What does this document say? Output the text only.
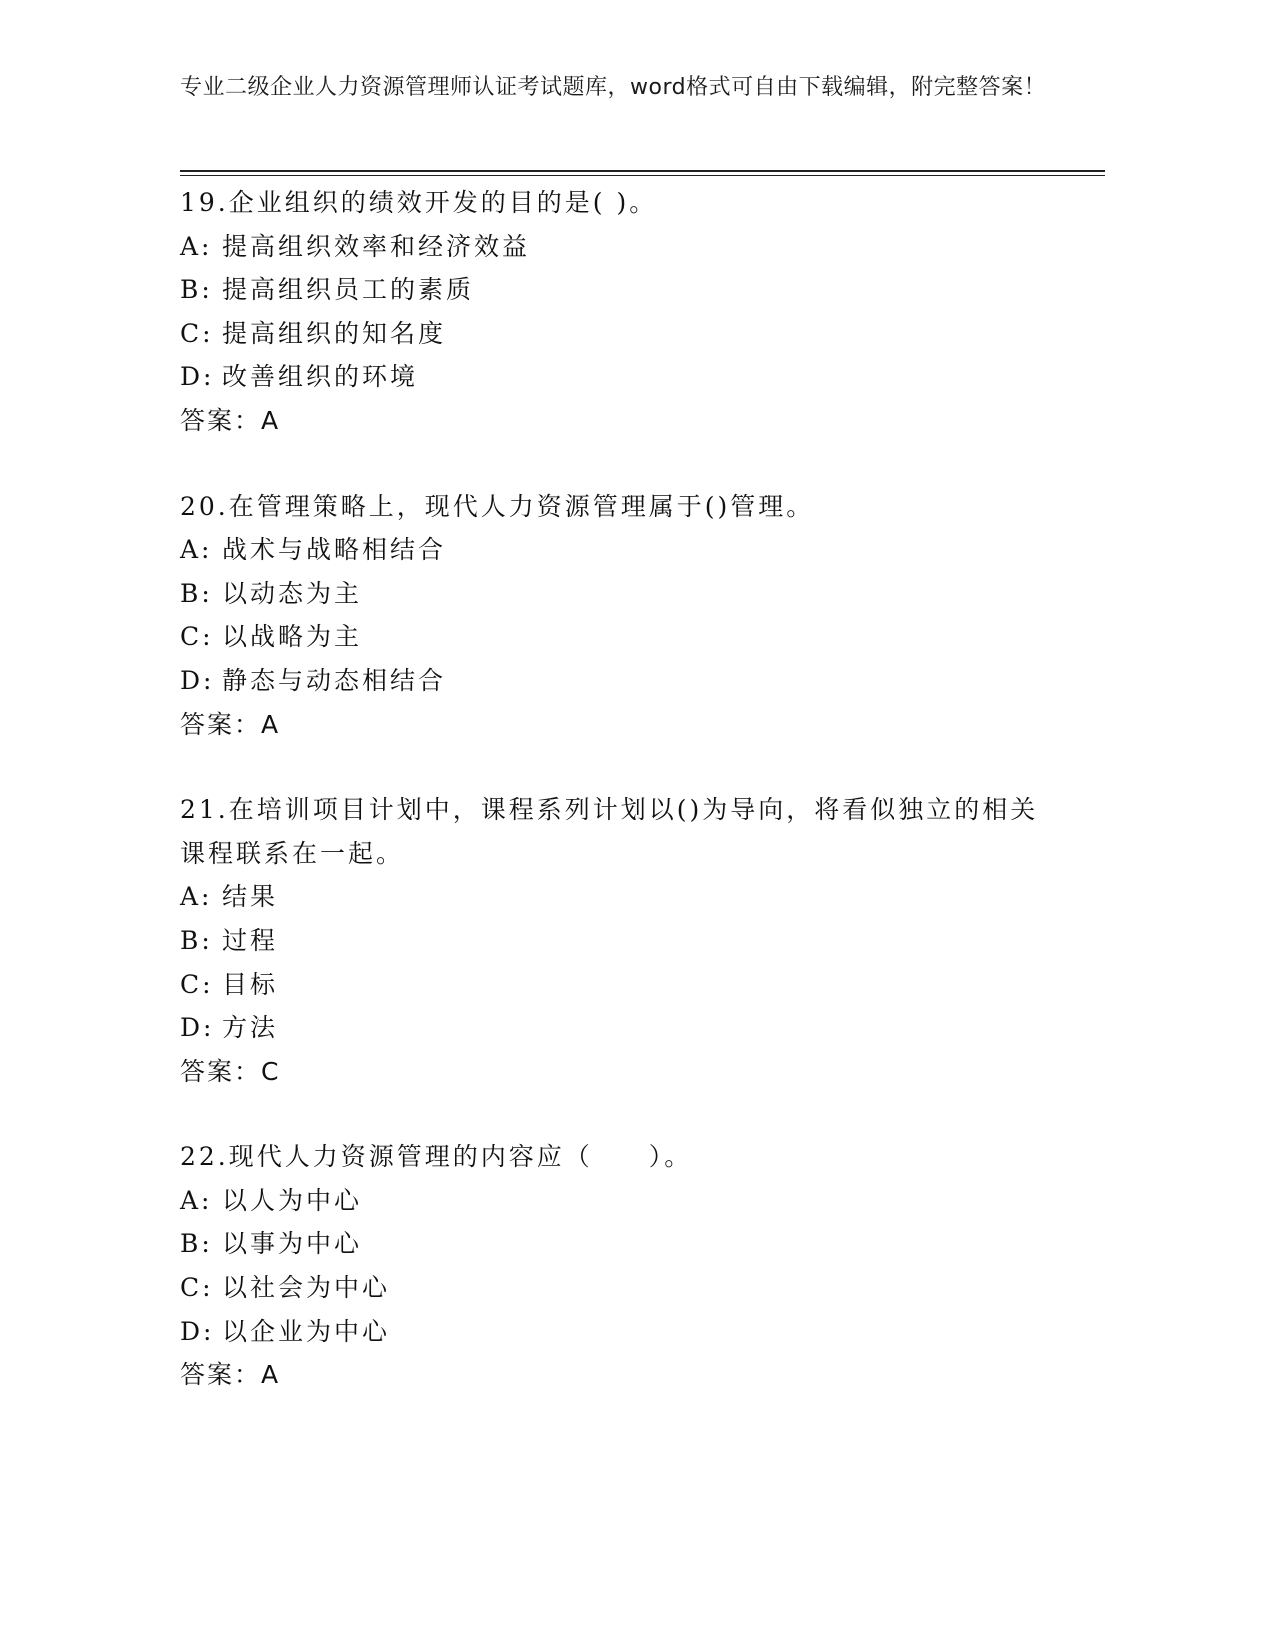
专业二级企业人力资源管理师认证考试题库，word格式可自由下载编辑，附完整答案！
19.企业组织的绩效开发的目的是( )。
A: 提高组织效率和经济效益
B: 提高组织员工的素质
C: 提高组织的知名度
D: 改善组织的环境
答案：A
20.在管理策略上，现代人力资源管理属于()管理。
A: 战术与战略相结合
B: 以动态为主
C: 以战略为主
D: 静态与动态相结合
答案：A
21.在培训项目计划中，课程系列计划以()为导向，将看似独立的相关课程联系在一起。
A: 结果
B: 过程
C: 目标
D: 方法
答案：C
22.现代人力资源管理的内容应（　　）。
A: 以人为中心
B: 以事为中心
C: 以社会为中心
D: 以企业为中心
答案：A
